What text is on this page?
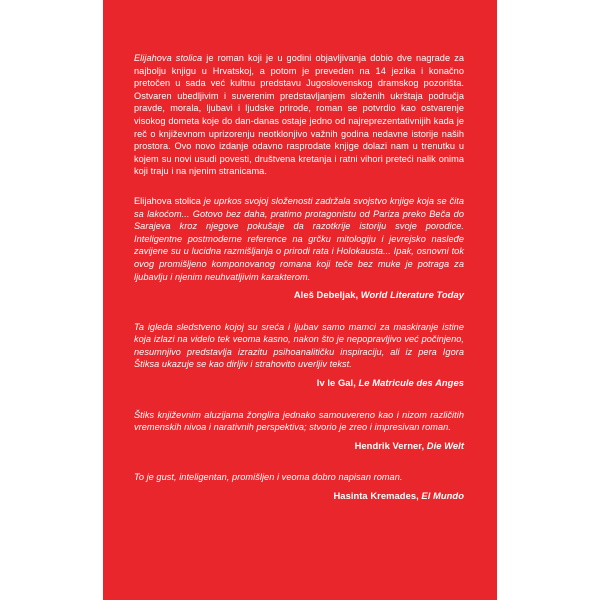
Elijahova stolica je roman koji je u godini objavljivanja dobio dve nagrade za najbolju knjigu u Hrvatskoj, a potom je preveden na 14 jezika i konačno pretočen u sada već kultnu predstavu Jugoslovenskog dramskog pozorišta. Ostvaren ubedljivim i suverenim predstavljanjem složenih ukrštaja područja pravde, morala, ljubavi i ljudske prirode, roman se potvrdio kao ostvarenje visokog dometa koje do dan-danas ostaje jedno od najreprezentativnijih kada je reč o književnom uprizorenju neotklonjivo važnih godina nedavne istorije naših prostora. Ovo novo izdanje odavno rasprodate knjige dolazi nam u trenutku u kojem su novi usudi povesti, društvena kretanja i ratni vihori preteći nalik onima koji traju i na njenim stranicama.

Elijahova stolica je uprkos svojoj složenosti zadržala svojstvo knjige koja se čita sa lakoćom... Gotovo bez daha, pratimo protagonistu od Pariza preko Beča do Sarajeva kroz njegove pokušaje da razotkrije istoriju svoje porodice. Inteligentne postmoderne reference na grčku mitologiju i jevrejsko nasleđe zavijene su u lucidna razmišljanja o prirodi rata i Holokausta... Ipak, osnovni tok ovog promišljeno komponovanog romana koji teče bez muke je potraga za ljubavlju i njenim neuhvatljivim karakterom.

Aleš Debeljak, World Literature Today

Ta igleda sledstveno kojoj su sreća i ljubav samo mamci za maskiranje istine koja izlazi na videlo tek veoma kasno, nakon što je nepopravljivo već počinjeno, nesumnjivo predstavlja izrazitu psihoanalitičku inspiraciju, ali iz pera Igora Štiksa ukazuje se kao dirljiv i strahovito uverljiv tekst.

Iv le Gal, Le Matricule des Anges

Štiks književnim aluzijama žonglira jednako samouvereno kao i nizom različitih vremenskih nivoa i narativnih perspektiva; stvorio je zreo i impresivan roman.

Hendrik Verner, Die Welt

To je gust, inteligentan, promišljen i veoma dobro napisan roman.

Hasinta Kremades, El Mundo
